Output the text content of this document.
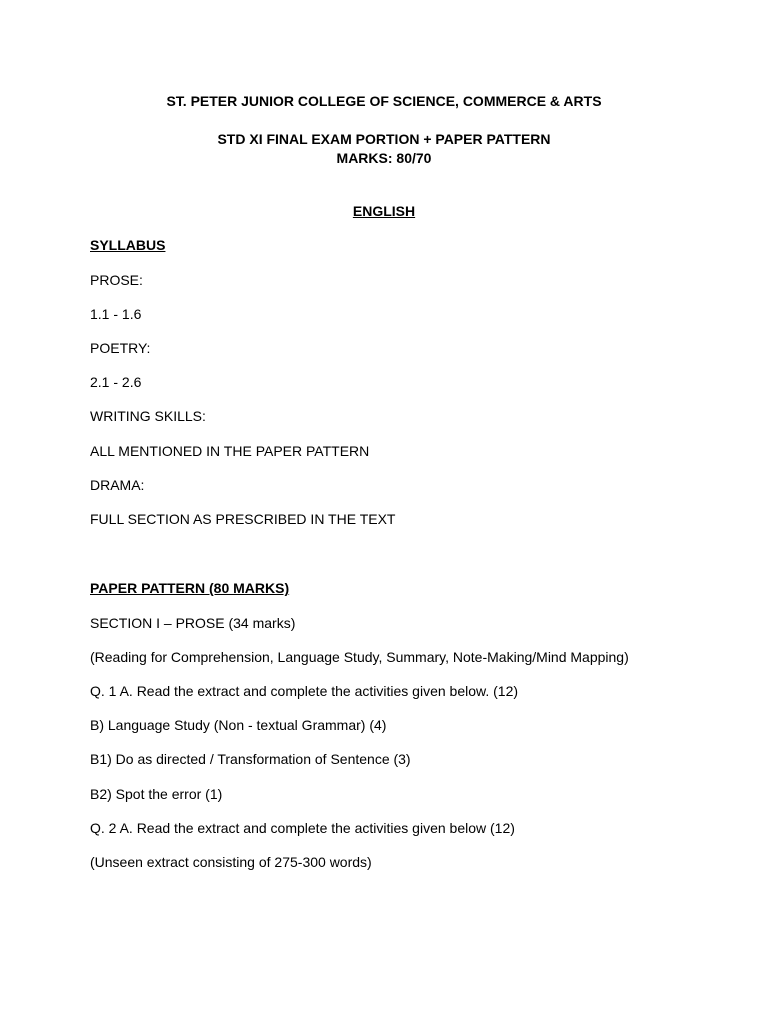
ST. PETER JUNIOR COLLEGE OF SCIENCE, COMMERCE & ARTS
STD XI FINAL EXAM PORTION + PAPER PATTERN
MARKS: 80/70
ENGLISH
SYLLABUS
PROSE:
1.1 - 1.6
POETRY:
2.1 - 2.6
WRITING SKILLS:
ALL MENTIONED IN THE PAPER PATTERN
DRAMA:
FULL SECTION AS PRESCRIBED IN THE TEXT
PAPER PATTERN (80 MARKS)
SECTION I – PROSE (34 marks)
(Reading for Comprehension, Language Study, Summary, Note-Making/Mind Mapping)
Q. 1 A. Read the extract and complete the activities given below. (12)
B) Language Study (Non - textual Grammar) (4)
B1) Do as directed / Transformation of Sentence (3)
B2) Spot the error (1)
Q. 2 A. Read the extract and complete the activities given below (12)
(Unseen extract consisting of 275-300 words)
